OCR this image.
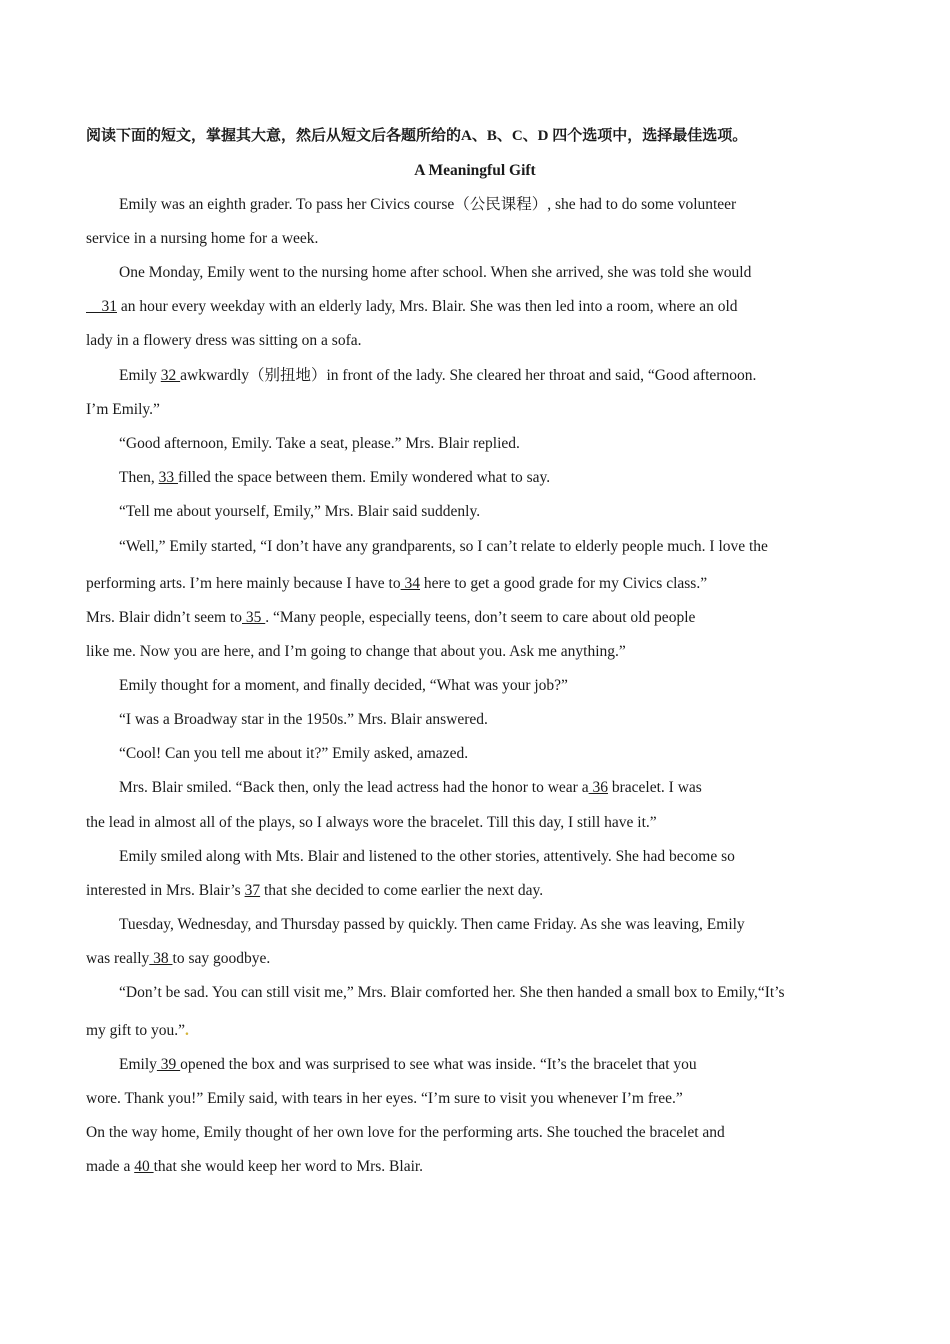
阅读下面的短文，掌握其大意，然后从短文后各题所给的A、B、C、D 四个选项中，选择最佳选项。
A Meaningful Gift
Emily was an eighth grader. To pass her Civics course（公民课程）, she had to do some volunteer
service in a nursing home for a week.
One Monday, Emily went to the nursing home after school. When she arrived, she was told she would
31 an hour every weekday with an elderly lady, Mrs. Blair. She was then led into a room, where an old
lady in a flowery dress was sitting on a sofa.
Emily 32 awkwardly（别扭地）in front of the lady. She cleared her throat and said, “Good afternoon.
I’m Emily.”
“Good afternoon, Emily. Take a seat, please.” Mrs. Blair replied.
Then, 33 filled the space between them. Emily wondered what to say.
“Tell me about yourself, Emily,” Mrs. Blair said suddenly.
“Well,” Emily started, “I don’t have any grandparents, so I can’t relate to elderly people much. I love the
performing arts. I’m here mainly because I have to 34 here to get a good grade for my Civics class.”
Mrs. Blair didn’t seem to 35 . “Many people, especially teens, don’t seem to care about old people
like me. Now you are here, and I’m going to change that about you. Ask me anything.”
Emily thought for a moment, and finally decided, “What was your job?”
“I was a Broadway star in the 1950s.” Mrs. Blair answered.
“Cool! Can you tell me about it?” Emily asked, amazed.
Mrs. Blair smiled. “Back then, only the lead actress had the honor to wear a 36 bracelet. I was
the lead in almost all of the plays, so I always wore the bracelet. Till this day, I still have it.”
Emily smiled along with Mts. Blair and listened to the other stories, attentively. She had become so
interested in Mrs. Blair’s 37 that she decided to come earlier the next day.
Tuesday, Wednesday, and Thursday passed by quickly. Then came Friday. As she was leaving, Emily
was really 38 to say goodbye.
“Don’t be sad. You can still visit me,” Mrs. Blair comforted her. She then handed a small box to Emily,“It’s
my gift to you.”.
Emily 39 opened the box and was surprised to see what was inside. “It’s the bracelet that you
wore. Thank you!” Emily said, with tears in her eyes. “I’m sure to visit you whenever I’m free.”
On the way home, Emily thought of her own love for the performing arts. She touched the bracelet and
made a 40 that she would keep her word to Mrs. Blair.
